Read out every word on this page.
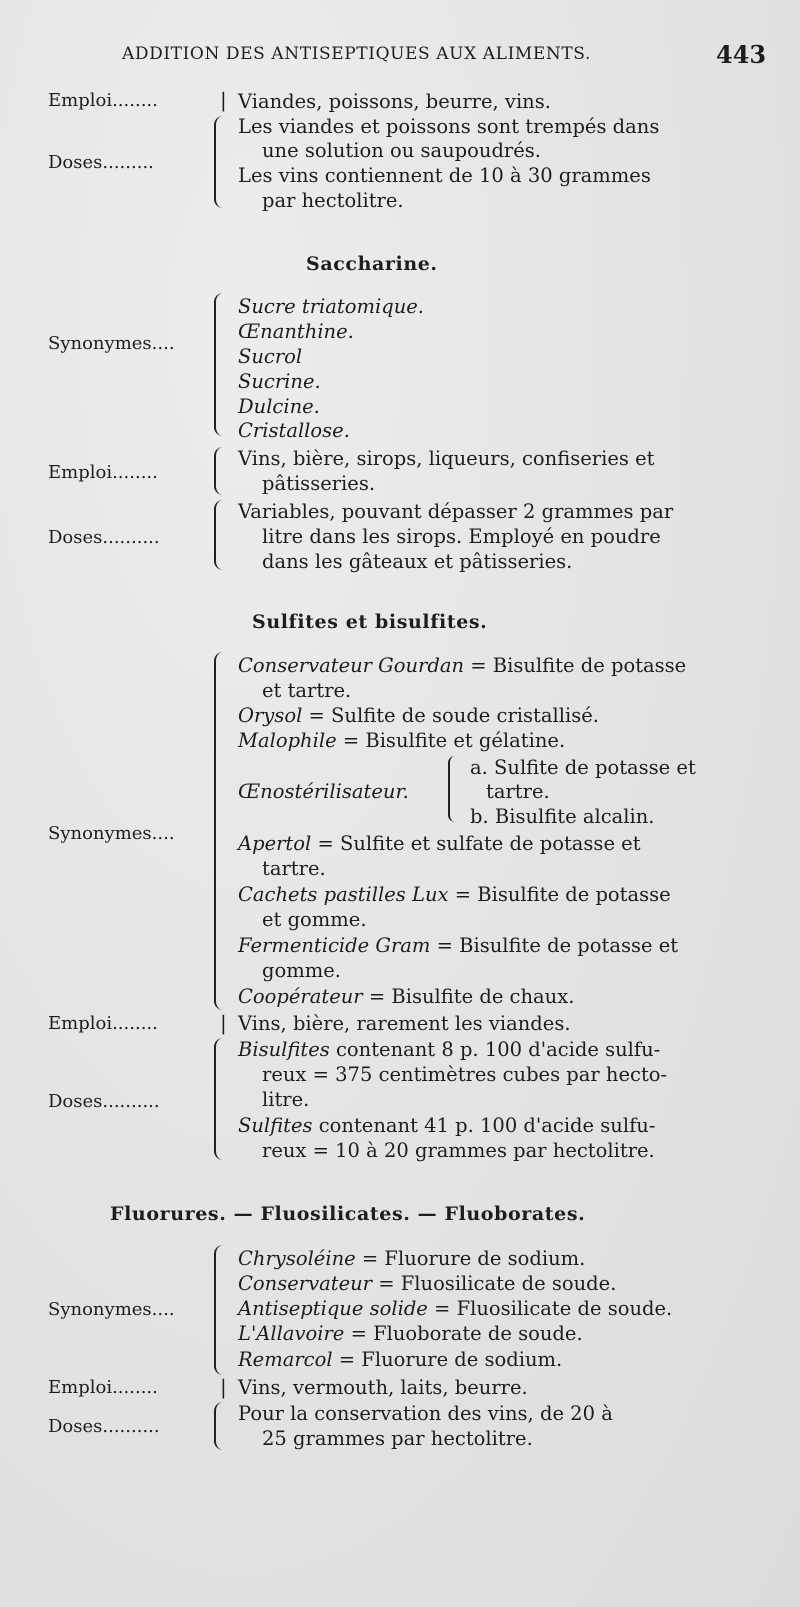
ADDITION DES ANTISEPTIQUES AUX ALIMENTS.	443
Emploi........	| Viandes, poissons, beurre, vins.
Doses.........
Les viandes et poissons sont trempés dans
une solution ou saupoudrés.
Les vins contiennent de 10 à 30 grammes
par hectolitre.
Saccharine.
Synonymes....
Sucre triatomique.
Œnanthine.
Sucrol
Sucrine.
Dulcine.
Cristallose.
Emploi........
Vins, bière, sirops, liqueurs, confiseries et
pâtisseries.
Doses..........
Variables, pouvant dépasser 2 grammes par
litre dans les sirops. Employé en poudre
dans les gâteaux et pâtisseries.
Sulfites et bisulfites.
Synonymes....
Conservateur Gourdan = Bisulfite de potasse
et tartre.
Orysol = Sulfite de soude cristallisé.
Malophile = Bisulfite et gélatine.
Œnostérilisateur.
a. Sulfite de potasse et
tartre.
b. Bisulfite alcalin.
Apertol = Sulfite et sulfate de potasse et
tartre.
Cachets pastilles Lux = Bisulfite de potasse
et gomme.
Fermenticide Gram = Bisulfite de potasse et
gomme.
Coopérateur = Bisulfite de chaux.
Emploi........	| Vins, bière, rarement les viandes.
Doses..........
Bisulfites contenant 8 p. 100 d'acide sulfu-
reux = 375 centimètres cubes par hecto-
litre.
Sulfites contenant 41 p. 100 d'acide sulfu-
reux = 10 à 20 grammes par hectolitre.
Fluorures. — Fluosilicates. — Fluoborates.
Synonymes....
Chrysoléine = Fluorure de sodium.
Conservateur = Fluosilicate de soude.
Antiseptique solide = Fluosilicate de soude.
L'Allavoire = Fluoborate de soude.
Remarcol = Fluorure de sodium.
Emploi........	| Vins, vermouth, laits, beurre.
Doses..........
Pour la conservation des vins, de 20 à
25 grammes par hectolitre.
